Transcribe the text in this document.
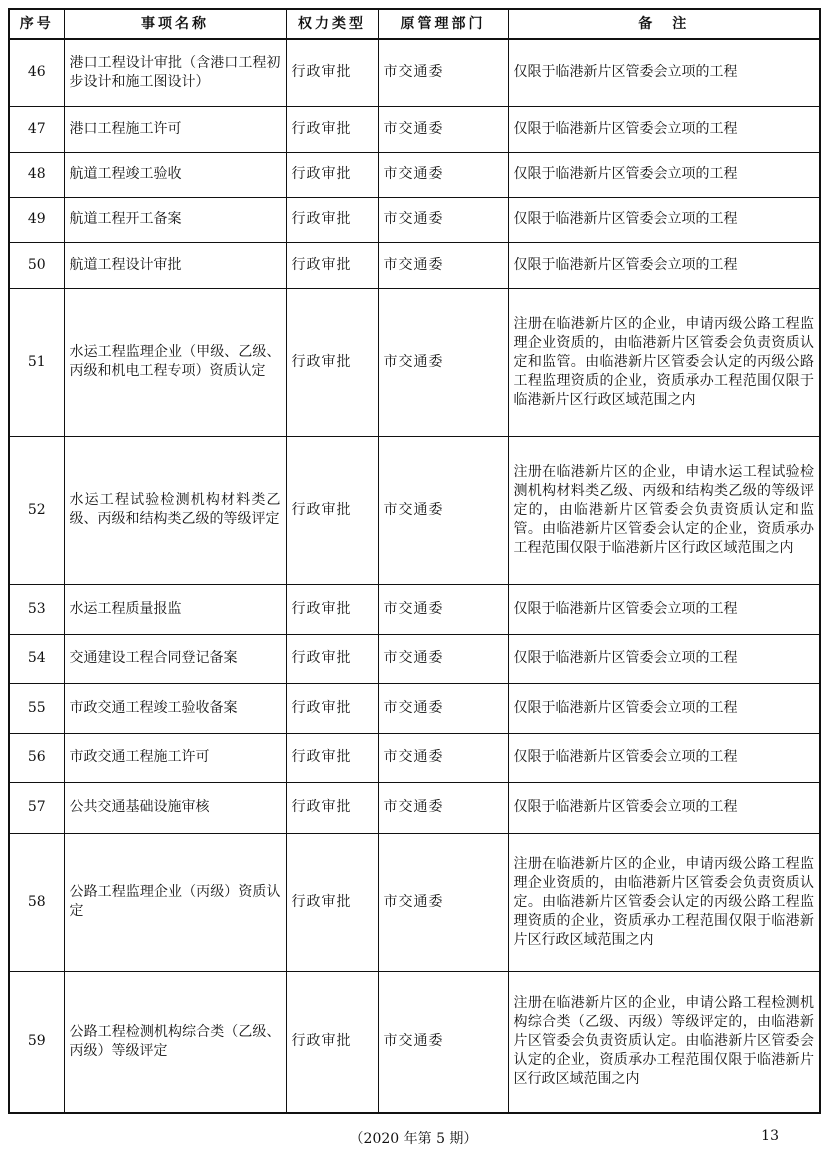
序号	事项名称	权力类型	原管理部门	备　注
46	港口工程设计审批（含港口工程初步设计和施工图设计）	行政审批	市交通委	仅限于临港新片区管委会立项的工程
47	港口工程施工许可	行政审批	市交通委	仅限于临港新片区管委会立项的工程
48	航道工程竣工验收	行政审批	市交通委	仅限于临港新片区管委会立项的工程
49	航道工程开工备案	行政审批	市交通委	仅限于临港新片区管委会立项的工程
50	航道工程设计审批	行政审批	市交通委	仅限于临港新片区管委会立项的工程
51	水运工程监理企业（甲级、乙级、丙级和机电工程专项）资质认定	行政审批	市交通委	注册在临港新片区的企业，申请丙级公路工程监理企业资质的，由临港新片区管委会负责资质认定和监管。由临港新片区管委会认定的丙级公路工程监理资质的企业，资质承办工程范围仅限于临港新片区行政区域范围之内
52	水运工程试验检测机构材料类乙级、丙级和结构类乙级的等级评定	行政审批	市交通委	注册在临港新片区的企业，申请水运工程试验检测机构材料类乙级、丙级和结构类乙级的等级评定的，由临港新片区管委会负责资质认定和监管。由临港新片区管委会认定的企业，资质承办工程范围仅限于临港新片区行政区域范围之内
53	水运工程质量报监	行政审批	市交通委	仅限于临港新片区管委会立项的工程
54	交通建设工程合同登记备案	行政审批	市交通委	仅限于临港新片区管委会立项的工程
55	市政交通工程竣工验收备案	行政审批	市交通委	仅限于临港新片区管委会立项的工程
56	市政交通工程施工许可	行政审批	市交通委	仅限于临港新片区管委会立项的工程
57	公共交通基础设施审核	行政审批	市交通委	仅限于临港新片区管委会立项的工程
58	公路工程监理企业（丙级）资质认定	行政审批	市交通委	注册在临港新片区的企业，申请丙级公路工程监理企业资质的，由临港新片区管委会负责资质认定。由临港新片区管委会认定的丙级公路工程监理资质的企业，资质承办工程范围仅限于临港新片区行政区域范围之内
59	公路工程检测机构综合类（乙级、丙级）等级评定	行政审批	市交通委	注册在临港新片区的企业，申请公路工程检测机构综合类（乙级、丙级）等级评定的，由临港新片区管委会负责资质认定。由临港新片区管委会认定的企业，资质承办工程范围仅限于临港新片区行政区域范围之内
（2020 年第 5 期）	13
